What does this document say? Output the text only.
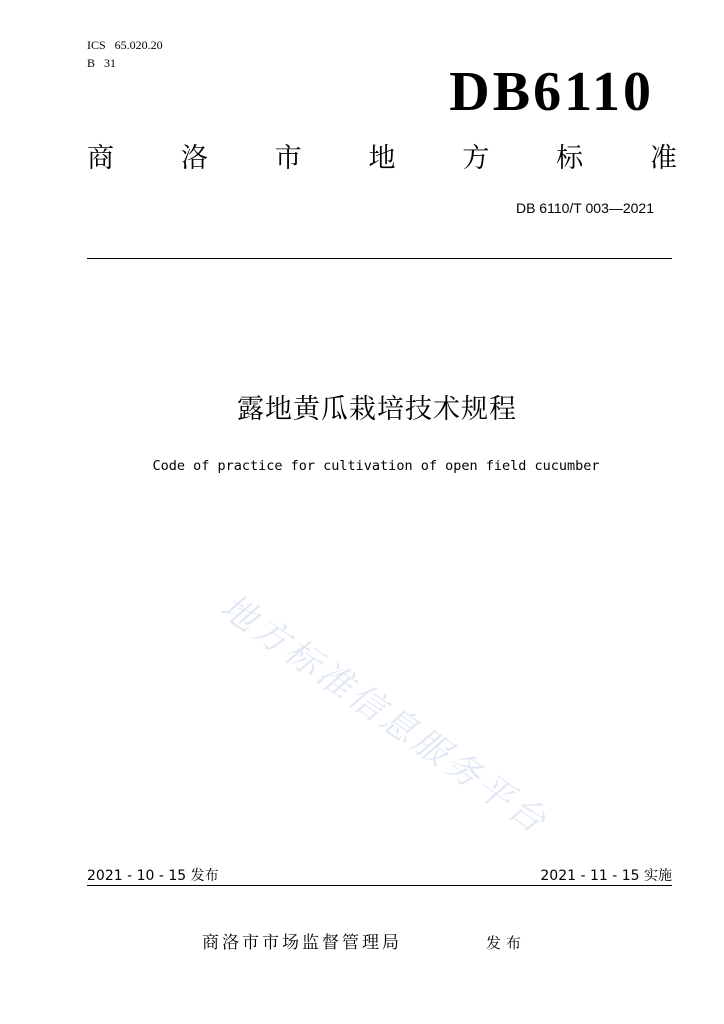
ICS   65.020.20
B   31	DB6110
商 洛 市 地 方 标 准
DB 6110/T 003—2021
露地黄瓜栽培技术规程
Code of practice for cultivation of open field cucumber
地方标准信息服务平台
2021 - 10 - 15 发布	2021 - 11 - 15 实施
商洛市市场监督管理局	发布
